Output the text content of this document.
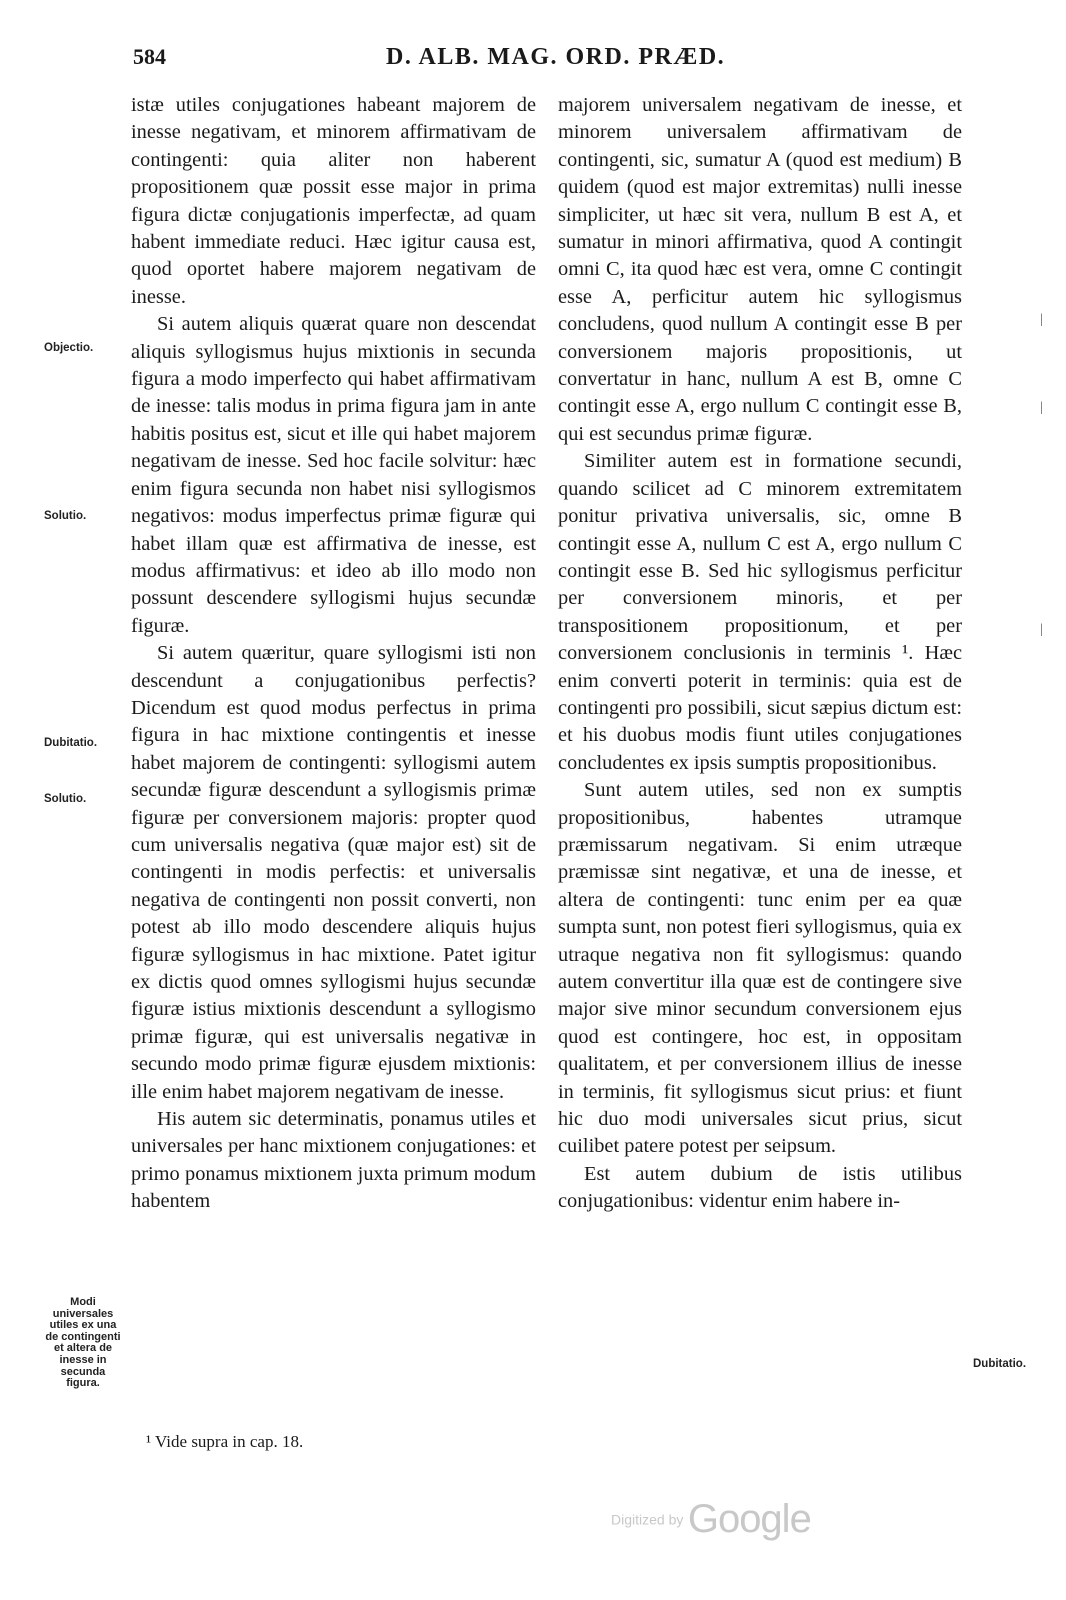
584	D. ALB. MAG. ORD. PRÆD.
Objectio.
Solutio.
Dubitatio.
Solutio.
Modi universales utiles ex una de contingenti et altera de inesse in secunda figura.
Dubitatio.
|
|
|

istæ utiles conjugationes habeant majorem de inesse negativam, et minorem affirmativam de contingenti: quia aliter non haberent propositionem quæ possit esse major in prima figura dictæ conjugationis imperfectæ, ad quam habent immediate reduci. Hæc igitur causa est, quod oportet habere majorem negativam de inesse.

Si autem aliquis quærat quare non descendat aliquis syllogismus hujus mixtionis in secunda figura a modo imperfecto qui habet affirmativam de inesse: talis modus in prima figura jam in ante habitis positus est, sicut et ille qui habet majorem negativam de inesse. Sed hoc facile solvitur: hæc enim figura secunda non habet nisi syllogismos negativos: modus imperfectus primæ figuræ qui habet illam quæ est affirmativa de inesse, est modus affirmativus: et ideo ab illo modo non possunt descendere syllogismi hujus secundæ figuræ.

Si autem quæritur, quare syllogismi isti non descendunt a conjugationibus perfectis? Dicendum est quod modus perfectus in prima figura in hac mixtione contingentis et inesse habet majorem de contingenti: syllogismi autem secundæ figuræ descendunt a syllogismis primæ figuræ per conversionem majoris: propter quod cum universalis negativa (quæ major est) sit de contingenti in modis perfectis: et universalis negativa de contingenti non possit converti, non potest ab illo modo descendere aliquis hujus figuræ syllogismus in hac mixtione. Patet igitur ex dictis quod omnes syllogismi hujus secundæ figuræ istius mixtionis descendunt a syllogismo primæ figuræ, qui est universalis negativæ in secundo modo primæ figuræ ejusdem mixtionis: ille enim habet majorem negativam de inesse.

His autem sic determinatis, ponamus utiles et universales per hanc mixtionem conjugationes: et primo ponamus mixtionem juxta primum modum habentem

majorem universalem negativam de inesse, et minorem universalem affirmativam de contingenti, sic, sumatur A (quod est medium) B quidem (quod est major extremitas) nulli inesse simpliciter, ut hæc sit vera, nullum B est A, et sumatur in minori affirmativa, quod A contingit omni C, ita quod hæc est vera, omne C contingit esse A, perficitur autem hic syllogismus concludens, quod nullum A contingit esse B per conversionem majoris propositionis, ut convertatur in hanc, nullum A est B, omne C contingit esse A, ergo nullum C contingit esse B, qui est secundus primæ figuræ.

Similiter autem est in formatione secundi, quando scilicet ad C minorem extremitatem ponitur privativa universalis, sic, omne B contingit esse A, nullum C est A, ergo nullum C contingit esse B. Sed hic syllogismus perficitur per conversionem minoris, et per transpositionem propositionum, et per conversionem conclusionis in terminis ¹. Hæc enim converti poterit in terminis: quia est de contingenti pro possibili, sicut sæpius dictum est: et his duobus modis fiunt utiles conjugationes concludentes ex ipsis sumptis propositionibus.

Sunt autem utiles, sed non ex sumptis propositionibus, habentes utramque præmissarum negativam. Si enim utræque præmissæ sint negativæ, et una de inesse, et altera de contingenti: tunc enim per ea quæ sumpta sunt, non potest fieri syllogismus, quia ex utraque negativa non fit syllogismus: quando autem convertitur illa quæ est de contingere sive major sive minor secundum conversionem ejus quod est contingere, hoc est, in oppositam qualitatem, et per conversionem illius de inesse in terminis, fit syllogismus sicut prius: et fiunt hic duo modi universales sicut prius, sicut cuilibet patere potest per seipsum.

Est autem dubium de istis utilibus conjugationibus: videntur enim habere in-

¹ Vide supra in cap. 18.
Digitized by Google
